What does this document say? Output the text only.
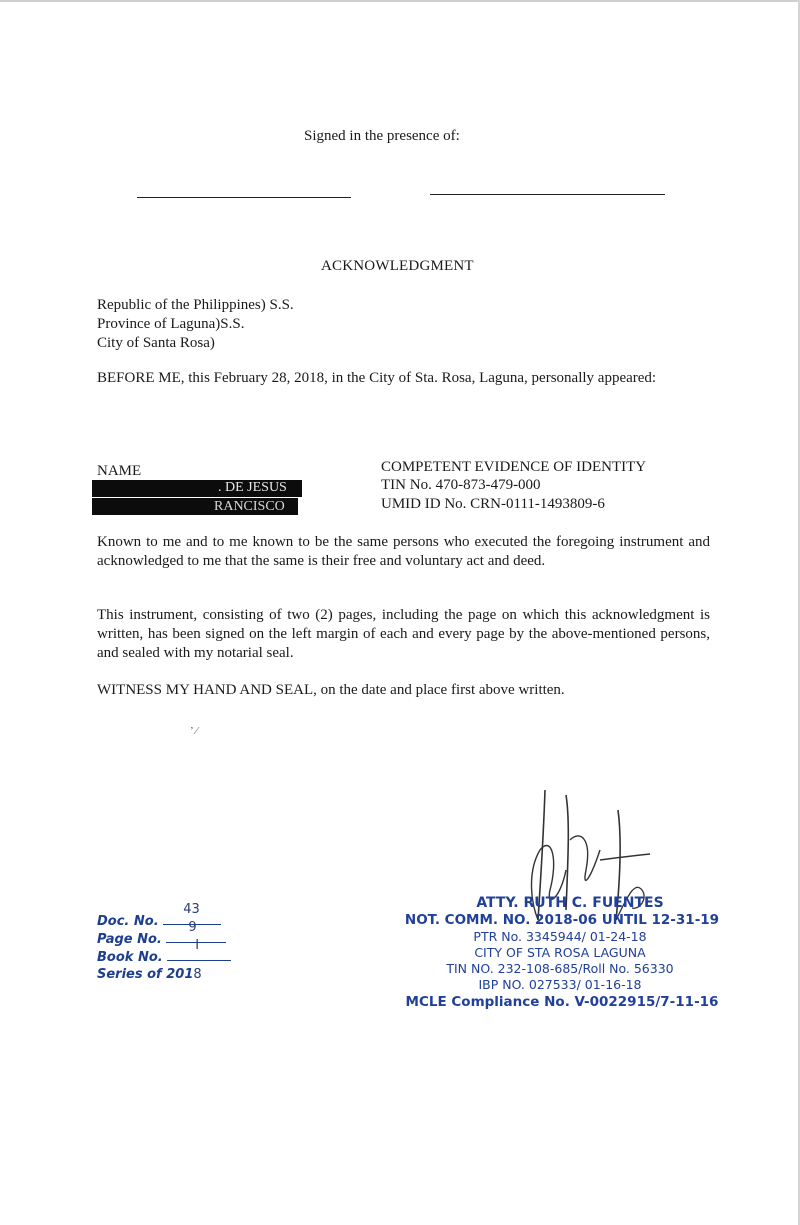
Signed in the presence of:
ACKNOWLEDGMENT
Republic of the Philippines) S.S.
Province of Laguna)S.S.
City of Santa Rosa)
BEFORE ME, this February 28, 2018, in the City of Sta. Rosa, Laguna, personally appeared:
NAME
. DE JESUS
RANCISCO
COMPETENT EVIDENCE OF IDENTITY
TIN No. 470-873-479-000
UMID ID No. CRN-0111-1493809-6
Known to me and to me known to be the same persons who executed the foregoing instrument and acknowledged to me that the same is their free and voluntary act and deed.
This instrument, consisting of two (2) pages, including the page on which this acknowledgment is written, has been signed on the left margin of each and every page by the above-mentioned persons, and sealed with my notarial seal.
WITNESS MY HAND AND SEAL, on the date and place first above written.
’ ⁄
Doc. No.
43
Page No.
9
Book No.
I
Series of 2018
ATTY. RUTH C. FUENTES
NOT. COMM. NO. 2018-06 UNTIL 12-31-19
PTR No. 3345944/ 01-24-18
CITY OF STA ROSA LAGUNA
TIN NO. 232-108-685/Roll No. 56330
IBP NO. 027533/ 01-16-18
MCLE Compliance No. V-0022915/7-11-16
